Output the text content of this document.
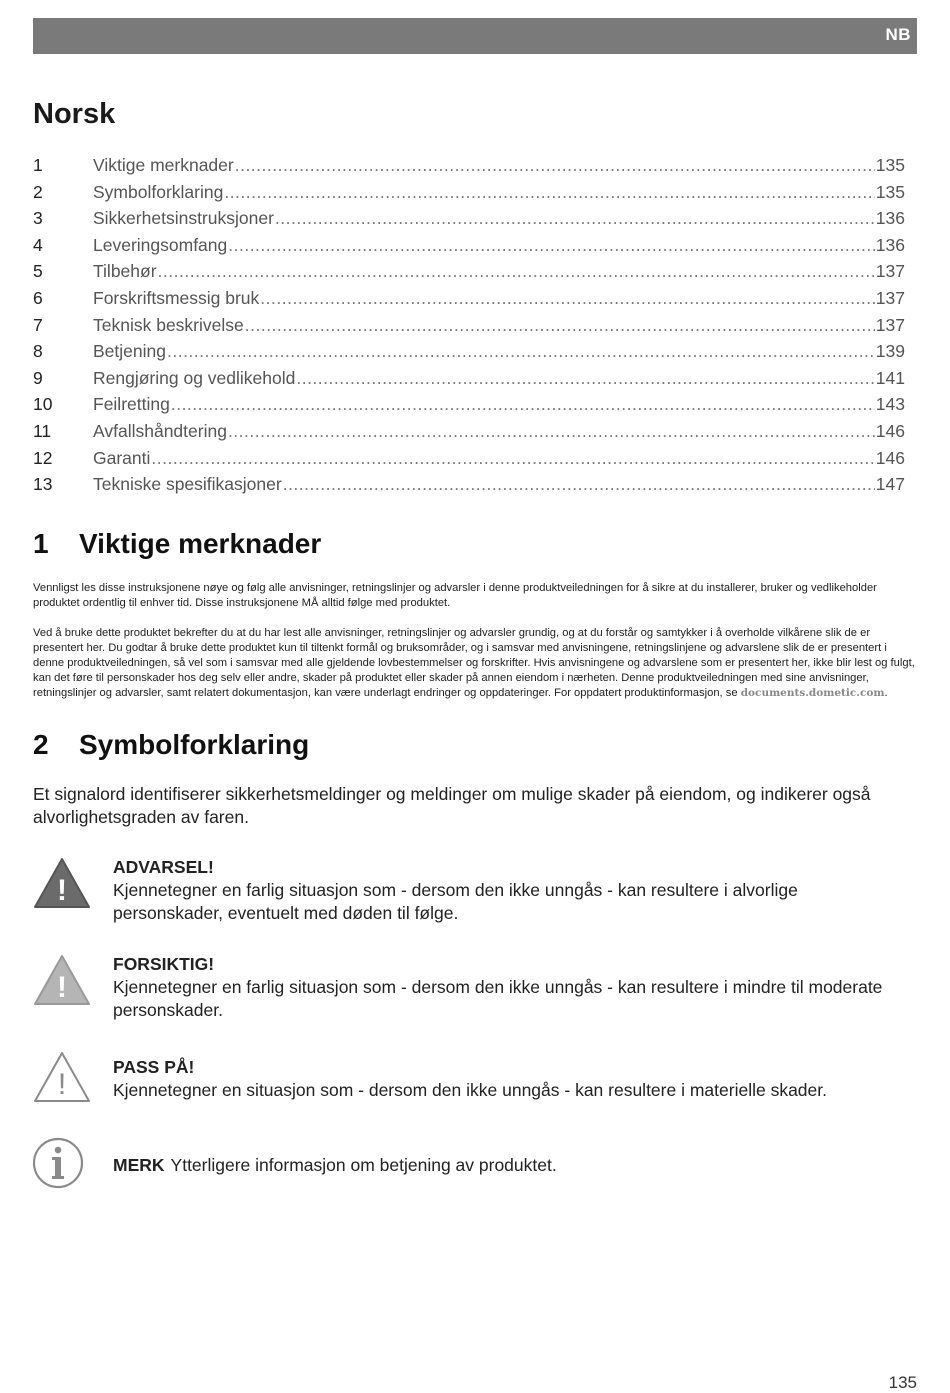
NB
Norsk
1	Viktige merknader .....	135
2	Symbolforklaring .....	135
3	Sikkerhetsinstruksjoner .....	136
4	Leveringsomfang .....	136
5	Tilbehør .....	137
6	Forskriftsmessig bruk .....	137
7	Teknisk beskrivelse .....	137
8	Betjening .....	139
9	Rengjøring og vedlikehold .....	141
10	Feilretting .....	143
11	Avfallshåndtering .....	146
12	Garanti .....	146
13	Tekniske spesifikasjoner .....	147
1 Viktige merknader

Vennligst les disse instruksjonene nøye og følg alle anvisninger, retningslinjer og advarsler i denne produktveiledningen for å sikre at du installerer, bruker og vedlikeholder produktet ordentlig til enhver tid. Disse instruksjonene MÅ alltid følge med produktet.

Ved å bruke dette produktet bekrefter du at du har lest alle anvisninger, retningslinjer og advarsler grundig, og at du forstår og samtykker i å overholde vilkårene slik de er presentert her. Du godtar å bruke dette produktet kun til tiltenkt formål og bruksområder, og i samsvar med anvisningene, retningslinjene og advarslene slik de er presentert i denne produktveiledningen, så vel som i samsvar med alle gjeldende lovbestemmelser og forskrifter. Hvis anvisningene og advarslene som er presentert her, ikke blir lest og fulgt, kan det føre til personskader hos deg selv eller andre, skader på produktet eller skader på annen eiendom i nærheten. Denne produktveiledningen med sine anvisninger, retningslinjer og advarsler, samt relatert dokumentasjon, kan være underlagt endringer og oppdateringer. For oppdatert produktinformasjon, se documents.dometic.com.

2 Symbolforklaring

Et signalord identifiserer sikkerhetsmeldinger og meldinger om mulige skader på eiendom, og indikerer også alvorlighetsgraden av faren.

!
ADVARSEL!
Kjennetegner en farlig situasjon som - dersom den ikke unngås - kan resultere i alvorlige personskader, eventuelt med døden til følge.
!
FORSIKTIG!
Kjennetegner en farlig situasjon som - dersom den ikke unngås - kan resultere i mindre til moderate personskader.
!
PASS PÅ!
Kjennetegner en situasjon som - dersom den ikke unngås - kan resultere i materielle skader.
MERK Ytterligere informasjon om betjening av produktet.
135
